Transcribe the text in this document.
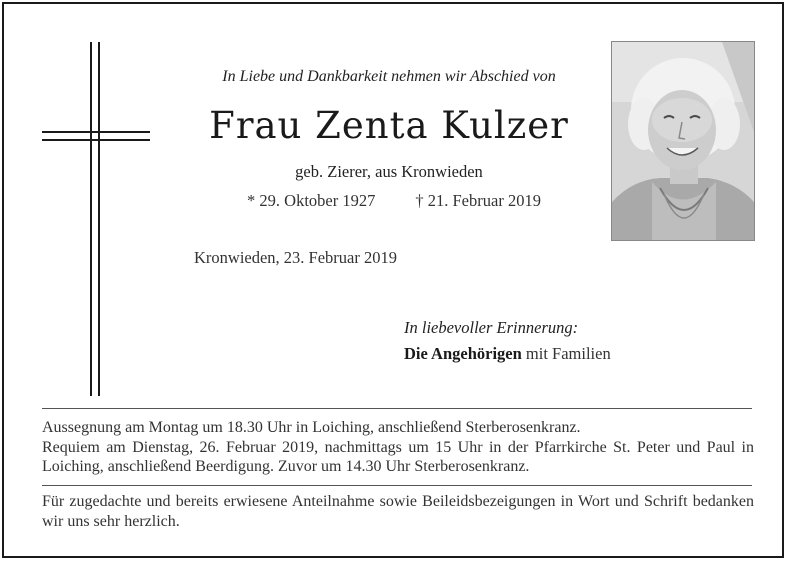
In Liebe und Dankbarkeit nehmen wir Abschied von
Frau Zenta Kulzer
geb. Zierer, aus Kronwieden
* 29. Oktober 1927 † 21. Februar 2019
Kronwieden, 23. Februar 2019
In liebevoller Erinnerung:
Die Angehörigen mit Familien

Aussegnung am Montag um 18.30 Uhr in Loiching, anschließend Sterberosenkranz.

Requiem am Dienstag, 26. Februar 2019, nachmittags um 15 Uhr in der Pfarrkirche St. Peter und Paul in Loiching, anschließend Beerdigung. Zuvor um 14.30 Uhr Sterberosenkranz.

Für zugedachte und bereits erwiesene Anteilnahme sowie Beileidsbezeigungen in Wort und Schrift bedanken wir uns sehr herzlich.
